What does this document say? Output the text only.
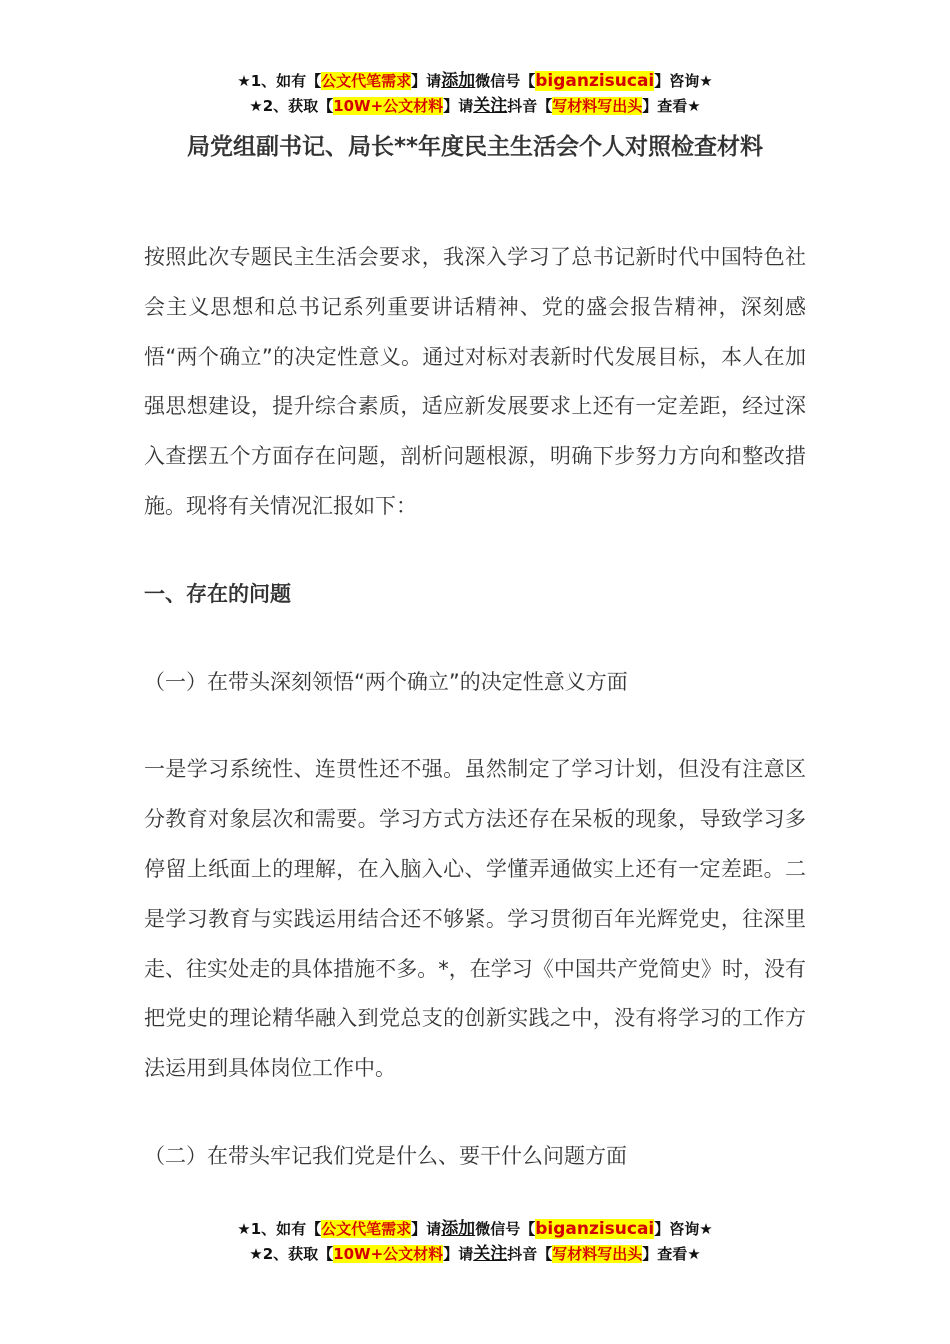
★1、如有【公文代笔需求】请添加微信号【biganzisucai】咨询★
★2、获取【10W+公文材料】请关注抖音【写材料写出头】查看★
局党组副书记、局长**年度民主生活会个人对照检查材料

按照此次专题民主生活会要求，我深入学习了总书记新时代中国特色社会主义思想和总书记系列重要讲话精神、党的盛会报告精神，深刻感悟“两个确立”的决定性意义。通过对标对表新时代发展目标，本人在加强思想建设，提升综合素质，适应新发展要求上还有一定差距，经过深入查摆五个方面存在问题，剖析问题根源，明确下步努力方向和整改措施。现将有关情况汇报如下：

一、存在的问题

（一）在带头深刻领悟“两个确立”的决定性意义方面

一是学习系统性、连贯性还不强。虽然制定了学习计划，但没有注意区分教育对象层次和需要。学习方式方法还存在呆板的现象，导致学习多停留上纸面上的理解，在入脑入心、学懂弄通做实上还有一定差距。二是学习教育与实践运用结合还不够紧。学习贯彻百年光辉党史，往深里走、往实处走的具体措施不多。*，在学习《中国共产党简史》时，没有把党史的理论精华融入到党总支的创新实践之中，没有将学习的工作方法运用到具体岗位工作中。

（二）在带头牢记我们党是什么、要干什么问题方面

★1、如有【公文代笔需求】请添加微信号【biganzisucai】咨询★
★2、获取【10W+公文材料】请关注抖音【写材料写出头】查看★
